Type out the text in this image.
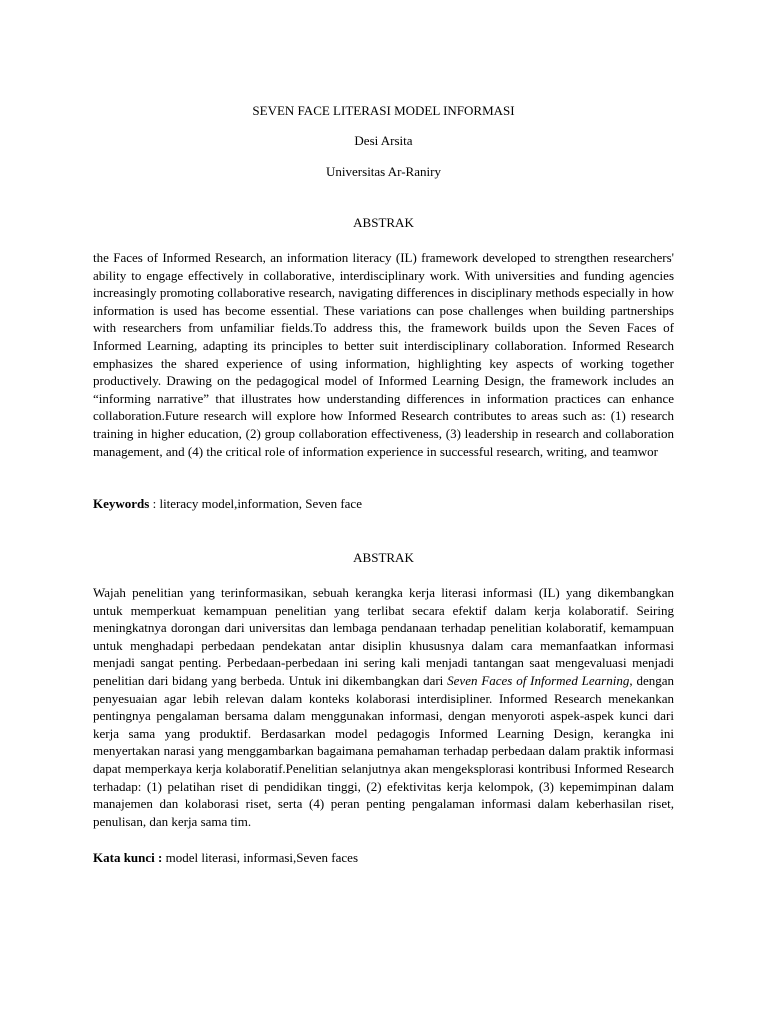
SEVEN FACE LITERASI MODEL INFORMASI

Desi Arsita

Universitas Ar-Raniry

ABSTRAK

the Faces of Informed Research, an information literacy (IL) framework developed to strengthen researchers' ability to engage effectively in collaborative, interdisciplinary work. With universities and funding agencies increasingly promoting collaborative research, navigating differences in disciplinary methods especially in how information is used has become essential. These variations can pose challenges when building partnerships with researchers from unfamiliar fields.To address this, the framework builds upon the Seven Faces of Informed Learning, adapting its principles to better suit interdisciplinary collaboration. Informed Research emphasizes the shared experience of using information, highlighting key aspects of working together productively. Drawing on the pedagogical model of Informed Learning Design, the framework includes an “informing narrative” that illustrates how understanding differences in information practices can enhance collaboration.Future research will explore how Informed Research contributes to areas such as: (1) research training in higher education, (2) group collaboration effectiveness, (3) leadership in research and collaboration management, and (4) the critical role of information experience in successful research, writing, and teamwor

Keywords : literacy model,information, Seven face

ABSTRAK

Wajah penelitian yang terinformasikan, sebuah kerangka kerja literasi informasi (IL) yang dikembangkan untuk memperkuat kemampuan penelitian yang terlibat secara efektif dalam kerja kolaboratif. Seiring meningkatnya dorongan dari universitas dan lembaga pendanaan terhadap penelitian kolaboratif, kemampuan untuk menghadapi perbedaan pendekatan antar disiplin khususnya dalam cara memanfaatkan informasi menjadi sangat penting. Perbedaan-perbedaan ini sering kali menjadi tantangan saat mengevaluasi menjadi penelitian dari bidang yang berbeda. Untuk ini dikembangkan dari Seven Faces of Informed Learning, dengan penyesuaian agar lebih relevan dalam konteks kolaborasi interdisipliner. Informed Research menekankan pentingnya pengalaman bersama dalam menggunakan informasi, dengan menyoroti aspek-aspek kunci dari kerja sama yang produktif. Berdasarkan model pedagogis Informed Learning Design, kerangka ini menyertakan narasi yang menggambarkan bagaimana pemahaman terhadap perbedaan dalam praktik informasi dapat memperkaya kerja kolaboratif.Penelitian selanjutnya akan mengeksplorasi kontribusi Informed Research terhadap: (1) pelatihan riset di pendidikan tinggi, (2) efektivitas kerja kelompok, (3) kepemimpinan dalam manajemen dan kolaborasi riset, serta (4) peran penting pengalaman informasi dalam keberhasilan riset, penulisan, dan kerja sama tim.

Kata kunci : model literasi, informasi,Seven faces
